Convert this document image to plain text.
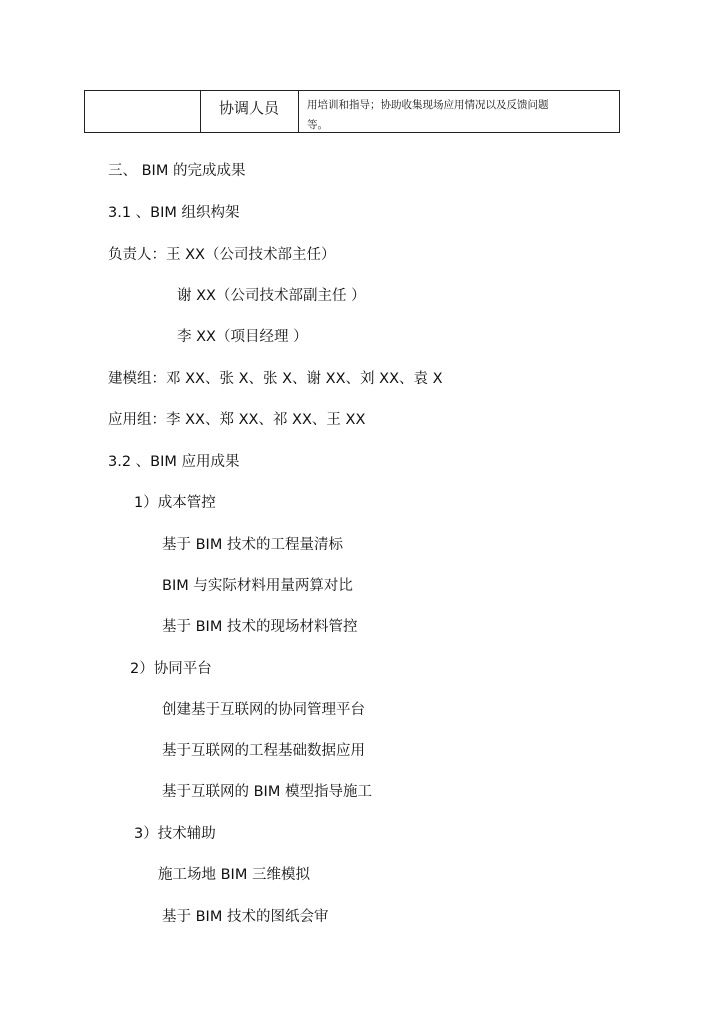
协调人员	用培训和指导；协助收集现场应用情况以及反馈问题
等。
三、 BIM 的完成成果
3.1 、BIM 组织构架
负责人：王 XX（公司技术部主任）
谢 XX（公司技术部副主任 ）
李 XX（项目经理 ）
建模组：邓 XX、张 X、张 X、谢 XX、刘 XX、袁 X
应用组：李 XX、郑 XX、祁 XX、王 XX
3.2 、BIM 应用成果
1）成本管控
基于 BIM 技术的工程量清标
BIM 与实际材料用量两算对比
基于 BIM 技术的现场材料管控
2）协同平台
创建基于互联网的协同管理平台
基于互联网的工程基础数据应用
基于互联网的 BIM 模型指导施工
3）技术辅助
施工场地 BIM 三维模拟
基于 BIM 技术的图纸会审
